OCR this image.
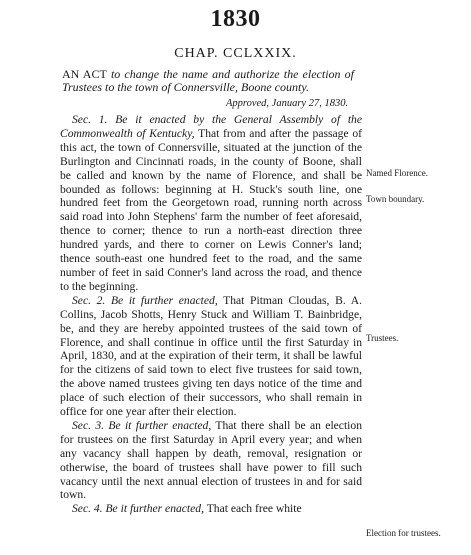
1830
CHAP. CCLXXIX.
AN ACT to change the name and authorize the election of Trustees to the town of Connersville, Boone county.
Approved, January 27, 1830.

Sec. 1. Be it enacted by the General Assembly of the Commonwealth of Kentucky, That from and after the passage of this act, the town of Connersville, situated at the junction of the Burlington and Cincinnati roads, in the county of Boone, shall be called and known by the name of Florence, and shall be bounded as follows: beginning at H. Stuck's south line, one hundred feet from the Georgetown road, running north across said road into John Stephens' farm the number of feet aforesaid, thence to corner; thence to run a north-east direction three hundred yards, and there to corner on Lewis Conner's land; thence south-east one hundred feet to the road, and the same number of feet in said Conner's land across the road, and thence to the beginning.

Sec. 2. Be it further enacted, That Pitman Cloudas, B. A. Collins, Jacob Shotts, Henry Stuck and William T. Bainbridge, be, and they are hereby appointed trustees of the said town of Florence, and shall continue in office until the first Saturday in April, 1830, and at the expiration of their term, it shall be lawful for the citizens of said town to elect five trustees for said town, the above named trustees giving ten days notice of the time and place of such election of their successors, who shall remain in office for one year after their election.

Sec. 3. Be it further enacted, That there shall be an election for trustees on the first Saturday in April every year; and when any vacancy shall happen by death, removal, resignation or otherwise, the board of trustees shall have power to fill such vacancy until the next annual election of trustees in and for said town.

Sec. 4. Be it further enacted, That each free white

Named Florence.
Town boundary.
Trustees.
Election for trustees.
